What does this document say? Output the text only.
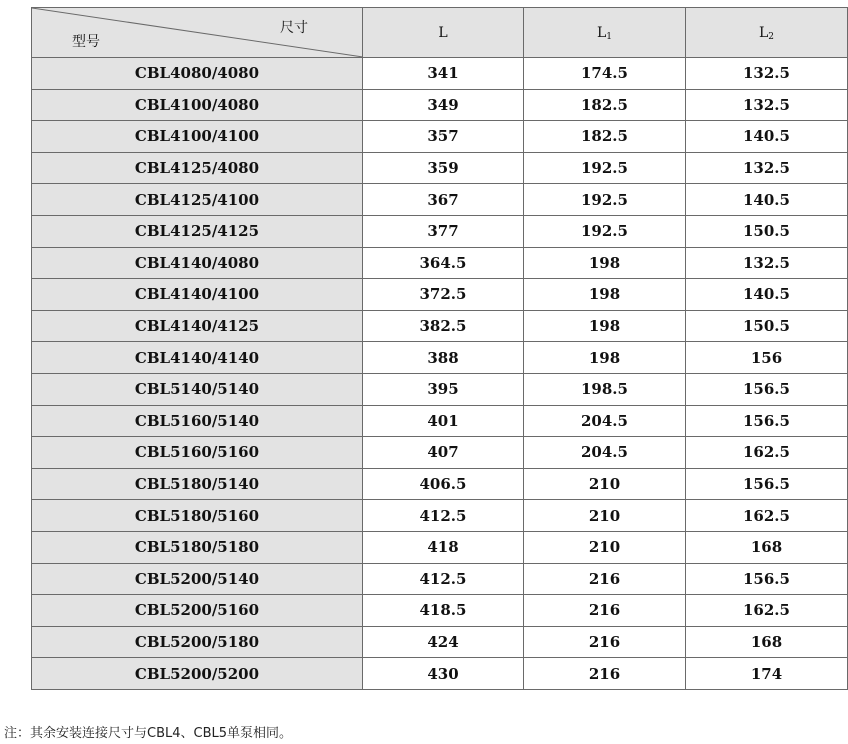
尺寸
型号	L	$L_1$	$L_2$
CBL4080/4080	341	174.5	132.5
CBL4100/4080	349	182.5	132.5
CBL4100/4100	357	182.5	140.5
CBL4125/4080	359	192.5	132.5
CBL4125/4100	367	192.5	140.5
CBL4125/4125	377	192.5	150.5
CBL4140/4080	364.5	198	132.5
CBL4140/4100	372.5	198	140.5
CBL4140/4125	382.5	198	150.5
CBL4140/4140	388	198	156
CBL5140/5140	395	198.5	156.5
CBL5160/5140	401	204.5	156.5
CBL5160/5160	407	204.5	162.5
CBL5180/5140	406.5	210	156.5
CBL5180/5160	412.5	210	162.5
CBL5180/5180	418	210	168
CBL5200/5140	412.5	216	156.5
CBL5200/5160	418.5	216	162.5
CBL5200/5180	424	216	168
CBL5200/5200	430	216	174
注：其余安装连接尺寸与CBL4、CBL5单泵相同。
